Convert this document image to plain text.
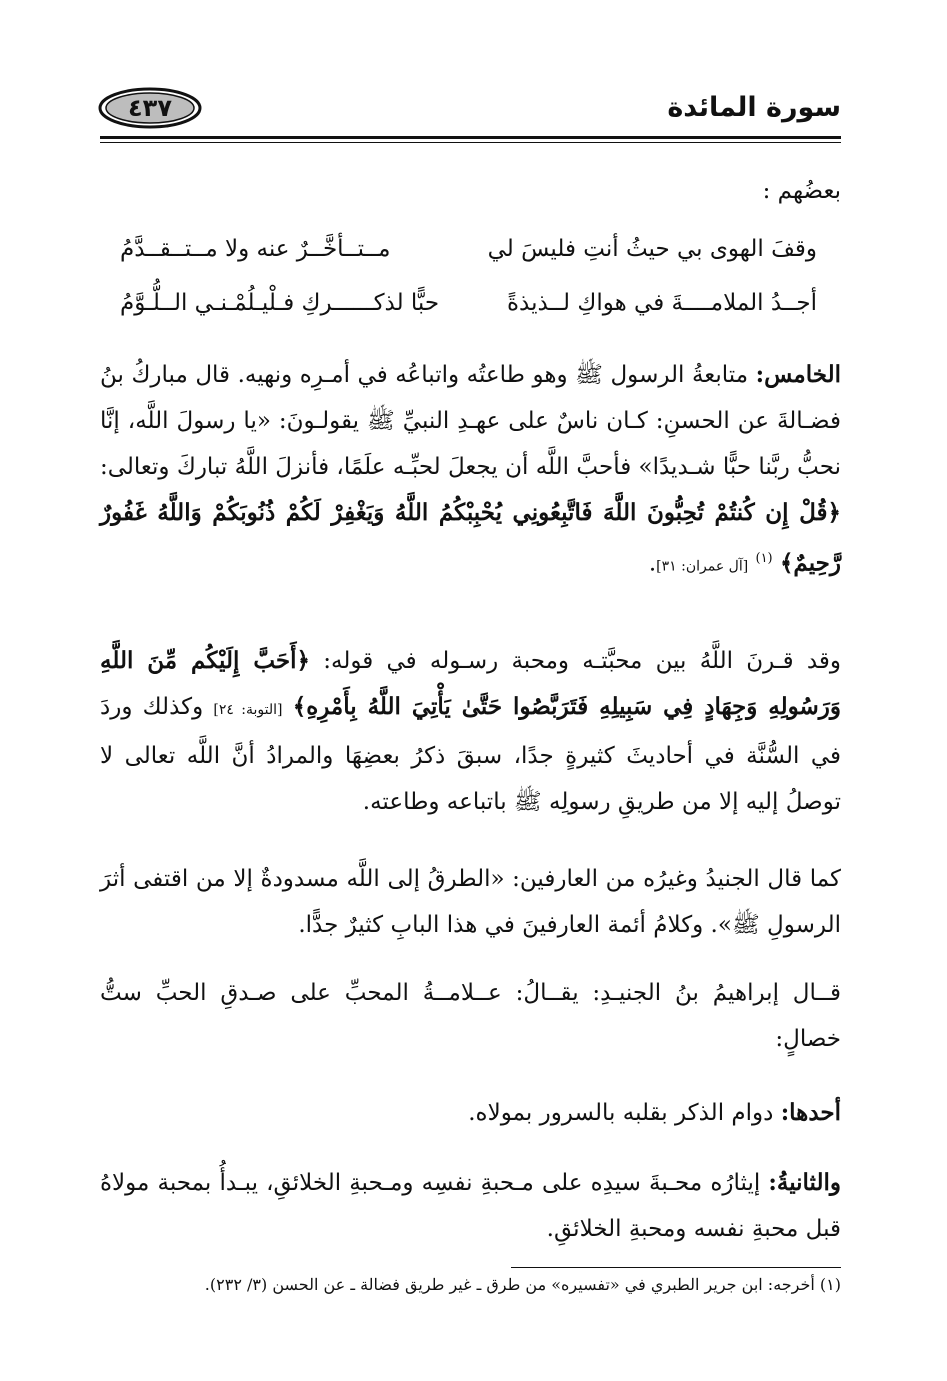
سورة المائدة
٤٣٧
بعضُهم :
وقفَ الهوى بي حيثُ أنتِ فليسَ لي
مــتــأخَّــرٌ عنه ولا مــتــقــدَّمُ
أجــدُ الملامــــةَ في هواكِ لــذيذةً
حبًّا لذكــــــركِ فـلْيـلُمْـنـي الــلُّـوَّمُ
الخامس: متابعةُ الرسول ﷺ وهو طاعتُه واتباعُه في أمـرِه ونهيه. قال مباركُ بنُ فضـالةَ عن الحسنِ: كـان ناسٌ على عهـدِ النبيِّ ﷺ يقولـونَ: «يا رسولَ اللَّه، إنَّا نحبُّ ربَّنا حبًّا شـديدًا» فأحبَّ اللَّه أن يجعلَ لحبِّـه علَمًا، فأنزلَ اللَّهُ تباركَ وتعالى: ﴿قُلْ إِن كُنتُمْ تُحِبُّونَ اللَّهَ فَاتَّبِعُونِي يُحْبِبْكُمُ اللَّهُ وَيَغْفِرْ لَكُمْ ذُنُوبَكُمْ وَاللَّهُ غَفُورٌ رَّحِيمٌ﴾ $^{(١)}$ [آل عمران: ٣١].
وقد قـرنَ اللَّهُ بين محبَّتـه ومحبة رسـوله في قوله: ﴿أَحَبَّ إِلَيْكُم مِّنَ اللَّهِ وَرَسُولِهِ وَجِهَادٍ فِي سَبِيلِهِ فَتَرَبَّصُوا حَتَّىٰ يَأْتِيَ اللَّهُ بِأَمْرِهِ﴾ [التوبة: ٢٤] وكذلك وردَ في السُّنَّة في أحاديثَ كثيرةٍ جدًا، سبقَ ذكرُ بعضِهَا والمرادُ أنَّ اللَّه تعالى لا توصلُ إليه إلا من طريقِ رسولِه ﷺ باتباعه وطاعته.
كما قال الجنيدُ وغيرُه من العارفين: «الطرقُ إلى اللَّه مسدودةٌ إلا من اقتفى أثرَ الرسولِ ﷺ». وكلامُ أئمة العارفينَ في هذا البابِ كثيرٌ جدًّا.
قــال إبراهيمُ بنُ الجنيـدِ: يقــالُ: عــلامــةُ المحبِّ على صـدقِ الحبِّ ستُّ خصالٍ:
أحدها: دوام الذكر بقلبه بالسرور بمولاه.
والثانيةُ: إيثارُه محـبةَ سيدِه على مـحبةِ نفسِه ومـحبةِ الخلائقِ، يبـدأُ بمحبة مولاهُ قبل محبةِ نفسه ومحبةِ الخلائقِ.
(١) أخرجه: ابن جرير الطبري في «تفسيره» من طرق ـ غير طريق فضالة ـ عن الحسن (٣/ ٢٣٢).
